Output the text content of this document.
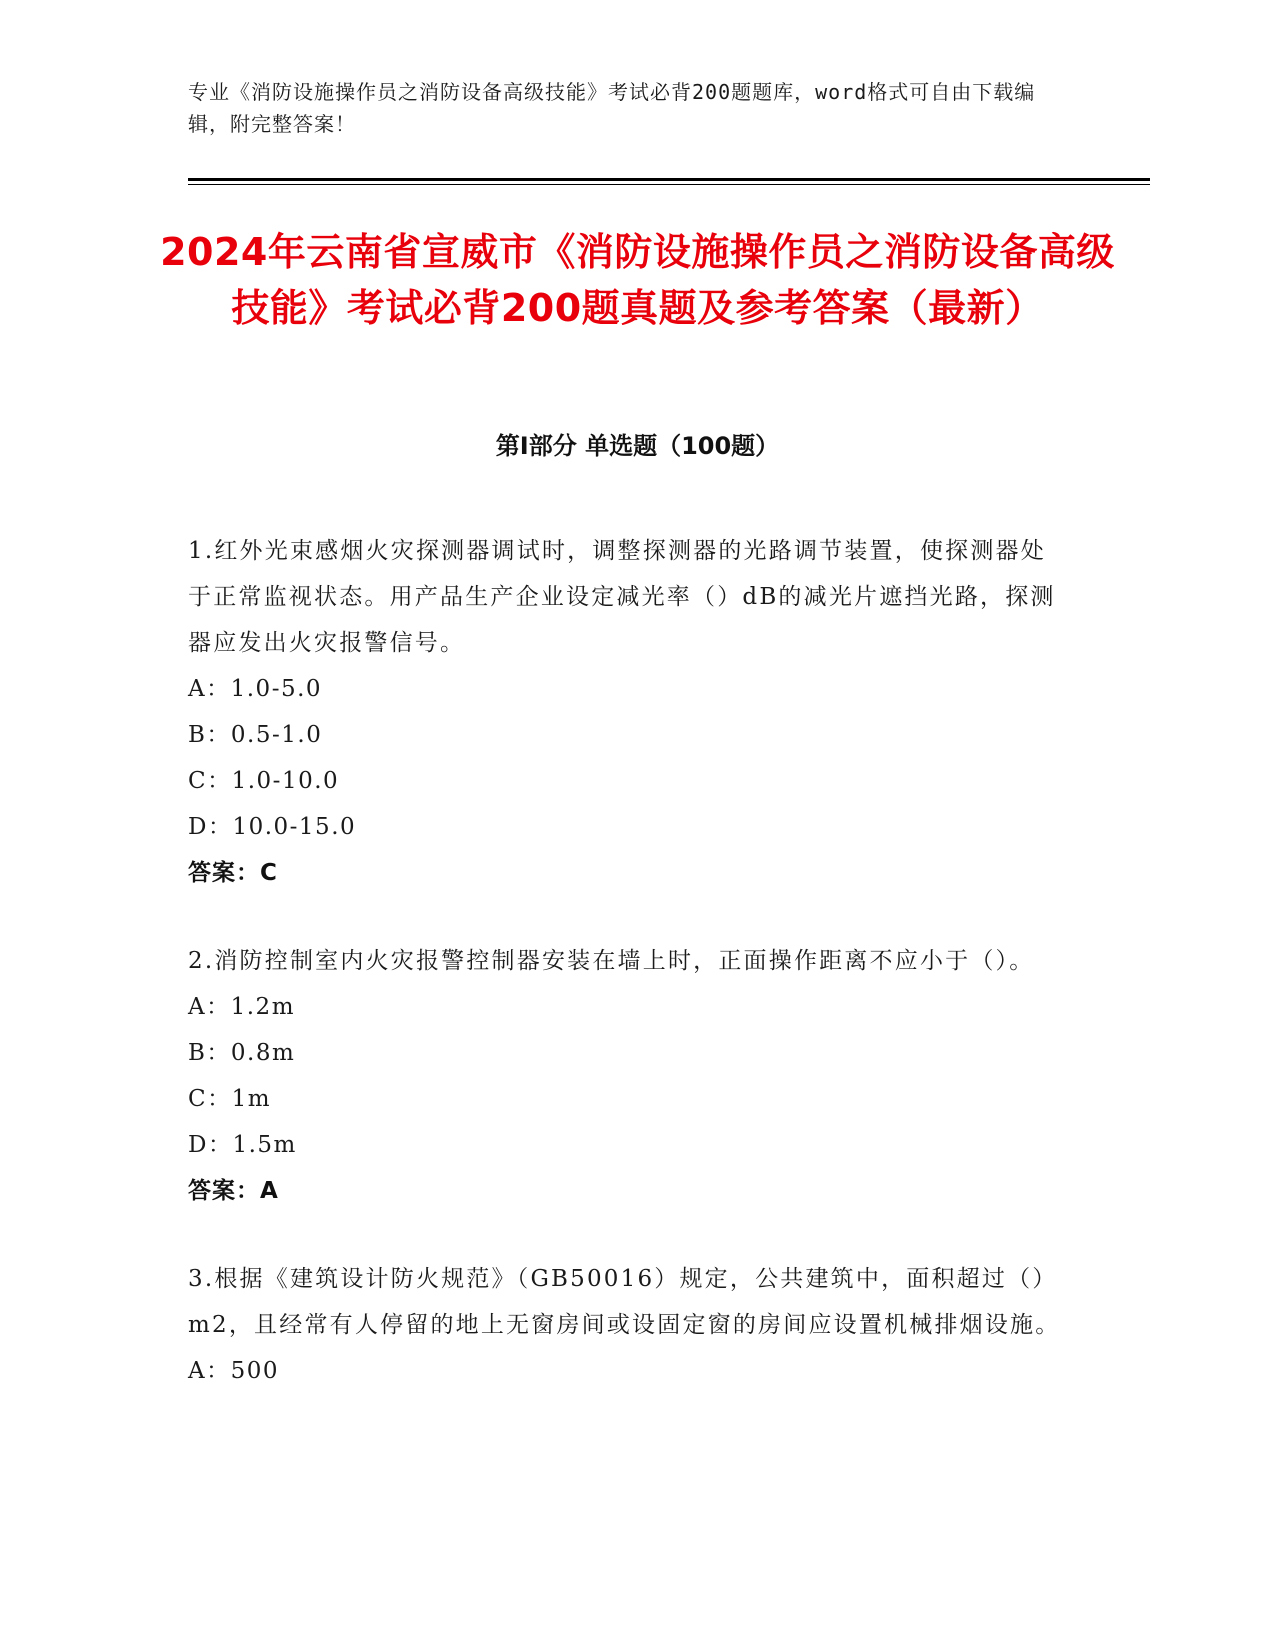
专业《消防设施操作员之消防设备高级技能》考试必背200题题库，word格式可自由下载编辑，附完整答案！
2024年云南省宣威市《消防设施操作员之消防设备高级技能》考试必背200题真题及参考答案（最新）
第I部分 单选题（100题）

1.红外光束感烟火灾探测器调试时，调整探测器的光路调节装置，使探测器处于正常监视状态。用产品生产企业设定减光率（）dB的减光片遮挡光路，探测器应发出火灾报警信号。

A：1.0-5.0

B：0.5-1.0

C：1.0-10.0

D：10.0-15.0

答案：C

2.消防控制室内火灾报警控制器安装在墙上时，正面操作距离不应小于（）。

A：1.2m

B：0.8m

C：1m

D：1.5m

答案：A

3.根据《建筑设计防火规范》（GB50016）规定，公共建筑中，面积超过（）m2，且经常有人停留的地上无窗房间或设固定窗的房间应设置机械排烟设施。

A：500
